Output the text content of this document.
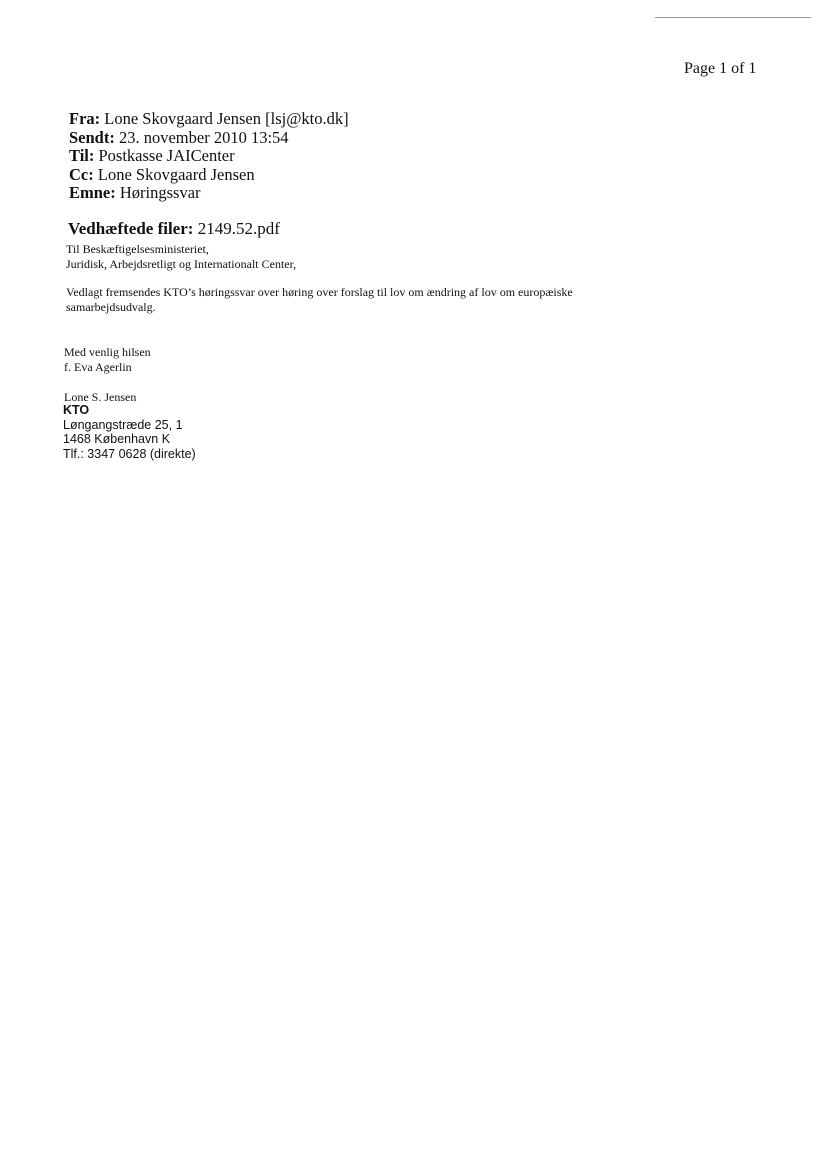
Page 1 of 1
Fra: Lone Skovgaard Jensen [lsj@kto.dk]
Sendt: 23. november 2010 13:54
Til: Postkasse JAICenter
Cc: Lone Skovgaard Jensen
Emne: Høringssvar
Vedhæftede filer: 2149.52.pdf
Til Beskæftigelsesministeriet,
Juridisk, Arbejdsretligt og Internationalt Center,
Vedlagt fremsendes KTO’s høringssvar over høring over forslag til lov om ændring af lov om europæiske
samarbejdsudvalg.
Med venlig hilsen
f. Eva Agerlin
Lone S. Jensen
KTO
Løngangstræde 25, 1
1468 København K
Tlf.: 3347 0628 (direkte)
